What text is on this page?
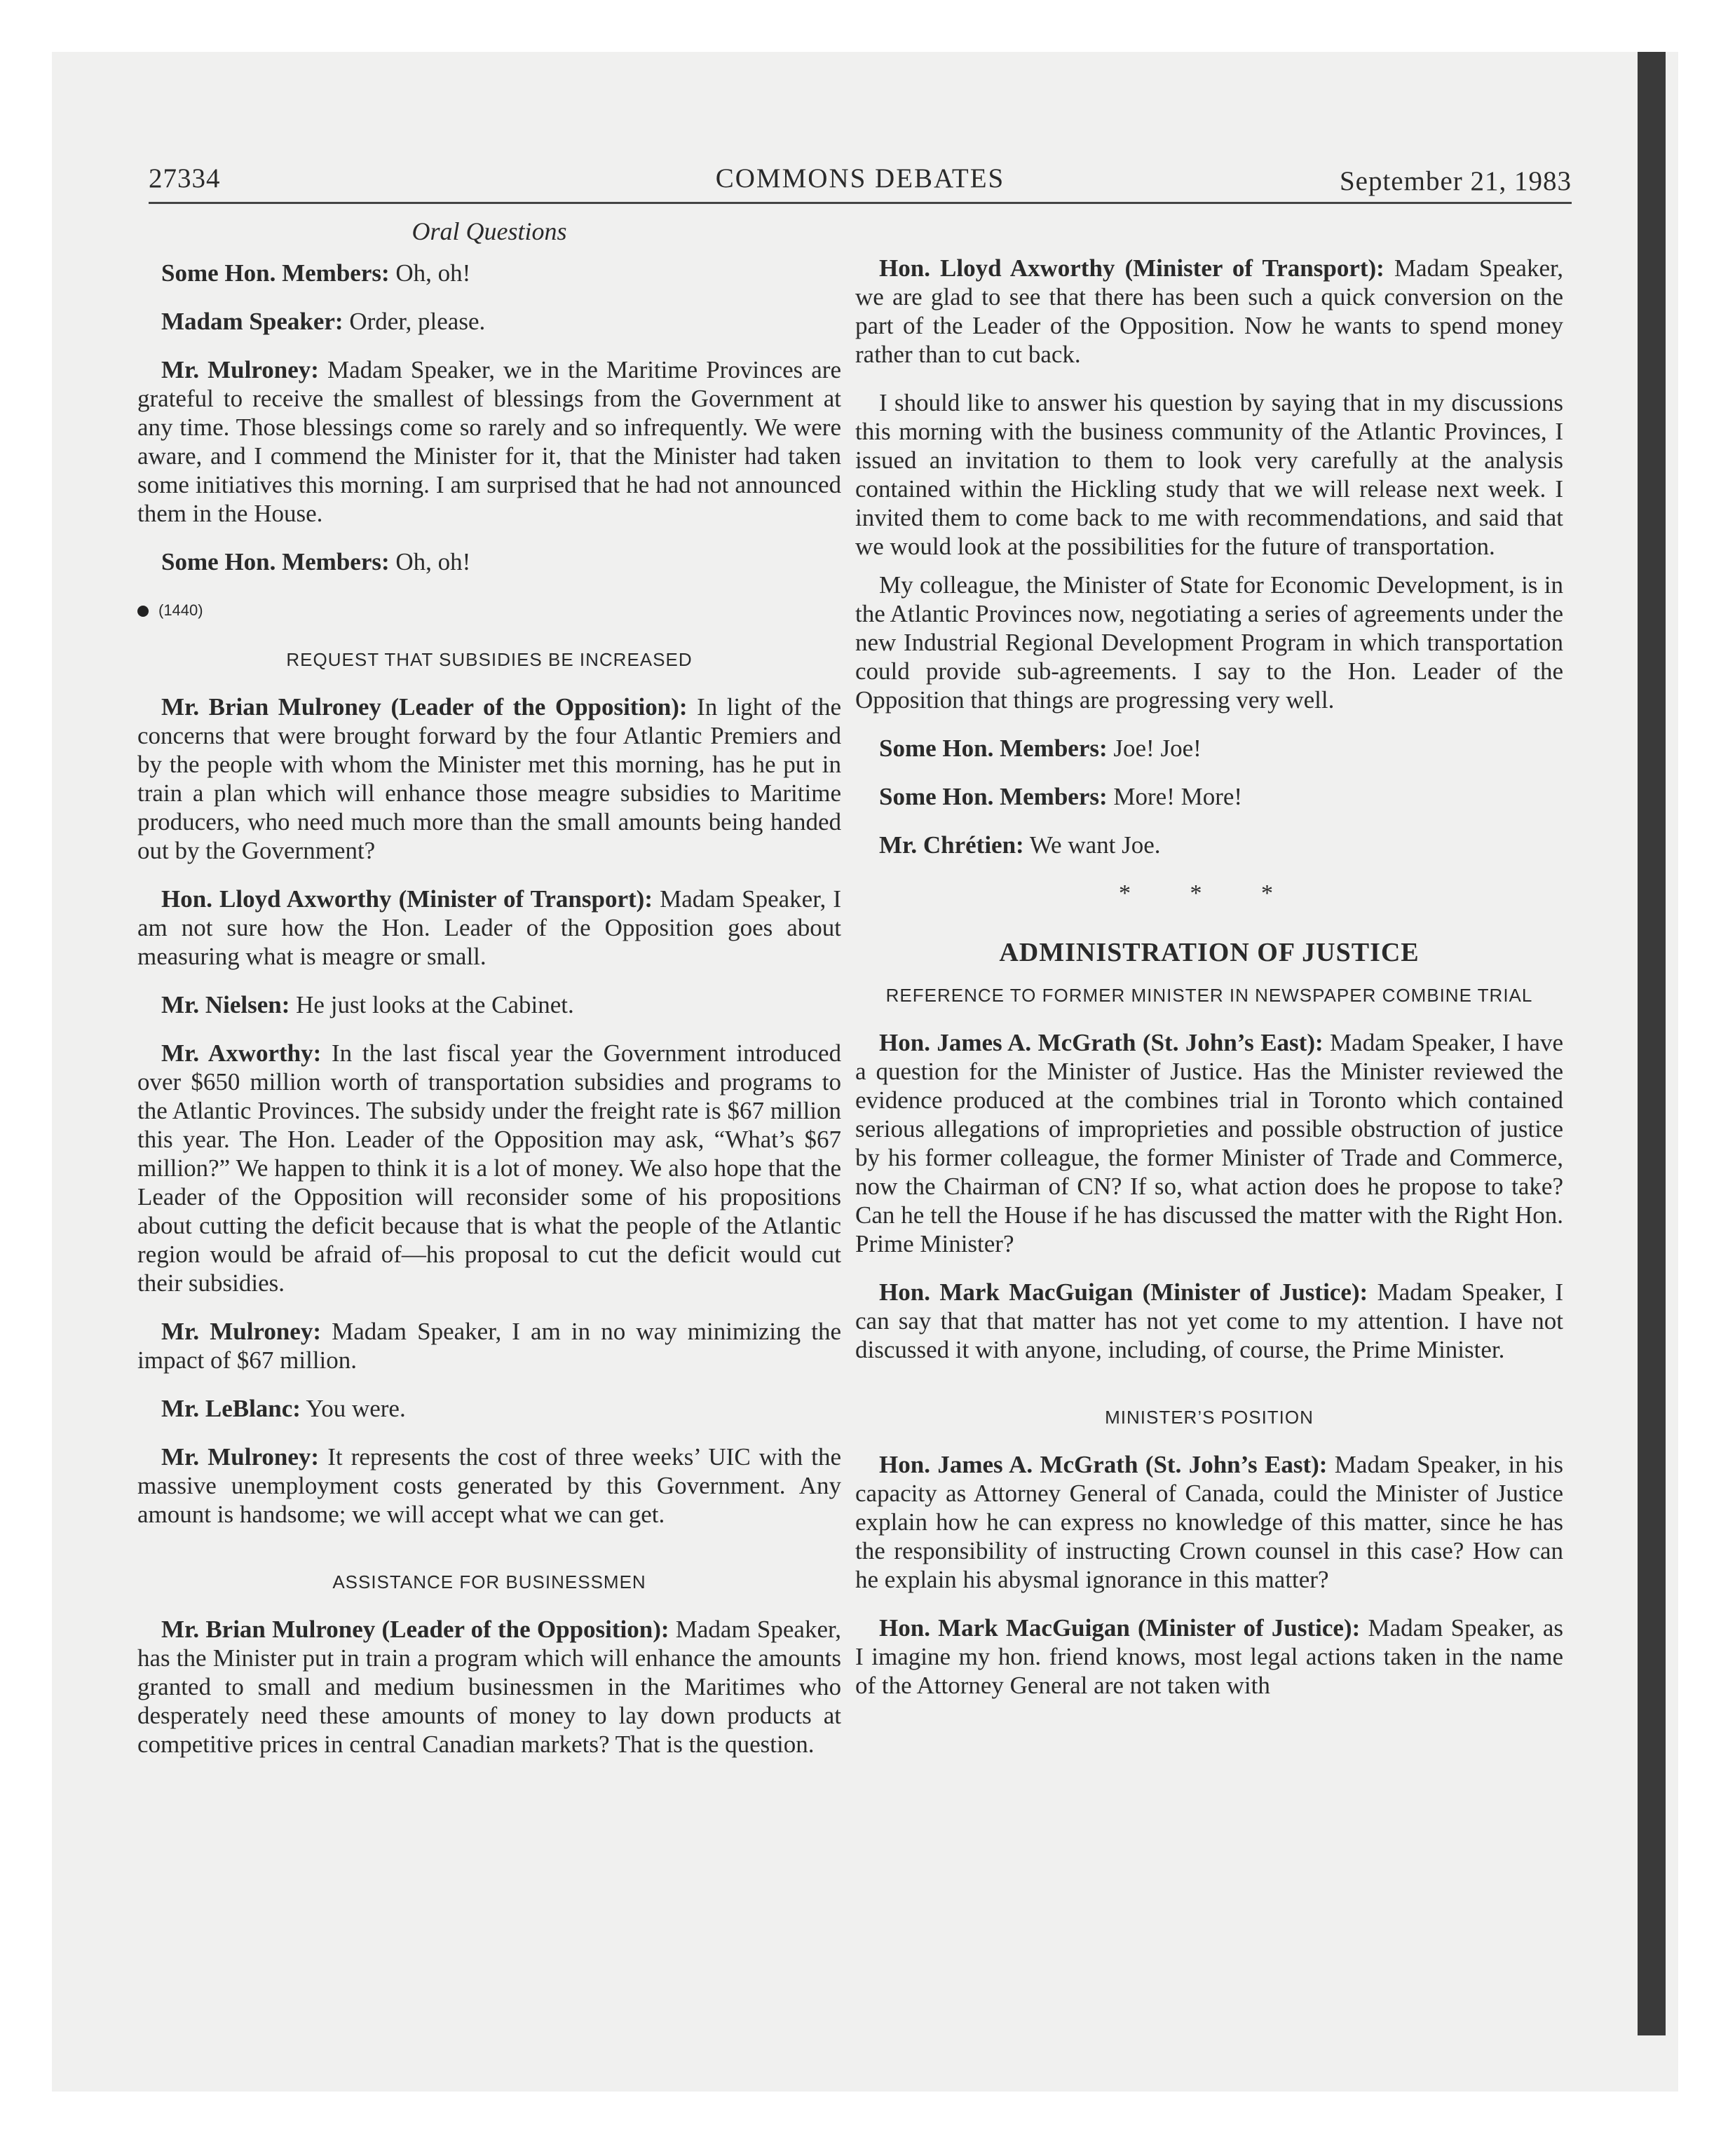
27334	COMMONS DEBATES	September 21, 1983
Oral Questions

Some Hon. Members: Oh, oh!

Madam Speaker: Order, please.

Mr. Mulroney: Madam Speaker, we in the Maritime Provinces are grateful to receive the smallest of blessings from the Government at any time. Those blessings come so rarely and so infrequently. We were aware, and I commend the Minister for it, that the Minister had taken some initiatives this morning. I am surprised that he had not announced them in the House.

Some Hon. Members: Oh, oh!

(1440)
REQUEST THAT SUBSIDIES BE INCREASED

Mr. Brian Mulroney (Leader of the Opposition): In light of the concerns that were brought forward by the four Atlantic Premiers and by the people with whom the Minister met this morning, has he put in train a plan which will enhance those meagre subsidies to Maritime producers, who need much more than the small amounts being handed out by the Government?

Hon. Lloyd Axworthy (Minister of Transport): Madam Speaker, I am not sure how the Hon. Leader of the Opposition goes about measuring what is meagre or small.

Mr. Nielsen: He just looks at the Cabinet.

Mr. Axworthy: In the last fiscal year the Government introduced over $650 million worth of transportation subsidies and programs to the Atlantic Provinces. The subsidy under the freight rate is $67 million this year. The Hon. Leader of the Opposition may ask, “What’s $67 million?” We happen to think it is a lot of money. We also hope that the Leader of the Opposition will reconsider some of his propositions about cutting the deficit because that is what the people of the Atlantic region would be afraid of—his proposal to cut the deficit would cut their subsidies.

Mr. Mulroney: Madam Speaker, I am in no way minimizing the impact of $67 million.

Mr. LeBlanc: You were.

Mr. Mulroney: It represents the cost of three weeks’ UIC with the massive unemployment costs generated by this Government. Any amount is handsome; we will accept what we can get.

ASSISTANCE FOR BUSINESSMEN

Mr. Brian Mulroney (Leader of the Opposition): Madam Speaker, has the Minister put in train a program which will enhance the amounts granted to small and medium businessmen in the Maritimes who desperately need these amounts of money to lay down products at competitive prices in central Canadian markets? That is the question.

Hon. Lloyd Axworthy (Minister of Transport): Madam Speaker, we are glad to see that there has been such a quick conversion on the part of the Leader of the Opposition. Now he wants to spend money rather than to cut back.

I should like to answer his question by saying that in my discussions this morning with the business community of the Atlantic Provinces, I issued an invitation to them to look very carefully at the analysis contained within the Hickling study that we will release next week. I invited them to come back to me with recommendations, and said that we would look at the possibilities for the future of transportation.

My colleague, the Minister of State for Economic Development, is in the Atlantic Provinces now, negotiating a series of agreements under the new Industrial Regional Development Program in which transportation could provide sub-agreements. I say to the Hon. Leader of the Opposition that things are progressing very well.

Some Hon. Members: Joe! Joe!

Some Hon. Members: More! More!

Mr. Chrétien: We want Joe.

* * *
ADMINISTRATION OF JUSTICE
REFERENCE TO FORMER MINISTER IN NEWSPAPER COMBINE TRIAL

Hon. James A. McGrath (St. John’s East): Madam Speaker, I have a question for the Minister of Justice. Has the Minister reviewed the evidence produced at the combines trial in Toronto which contained serious allegations of improprieties and possible obstruction of justice by his former colleague, the former Minister of Trade and Commerce, now the Chairman of CN? If so, what action does he propose to take? Can he tell the House if he has discussed the matter with the Right Hon. Prime Minister?

Hon. Mark MacGuigan (Minister of Justice): Madam Speaker, I can say that that matter has not yet come to my attention. I have not discussed it with anyone, including, of course, the Prime Minister.

MINISTER’S POSITION

Hon. James A. McGrath (St. John’s East): Madam Speaker, in his capacity as Attorney General of Canada, could the Minister of Justice explain how he can express no knowledge of this matter, since he has the responsibility of instructing Crown counsel in this case? How can he explain his abysmal ignorance in this matter?

Hon. Mark MacGuigan (Minister of Justice): Madam Speaker, as I imagine my hon. friend knows, most legal actions taken in the name of the Attorney General are not taken with
